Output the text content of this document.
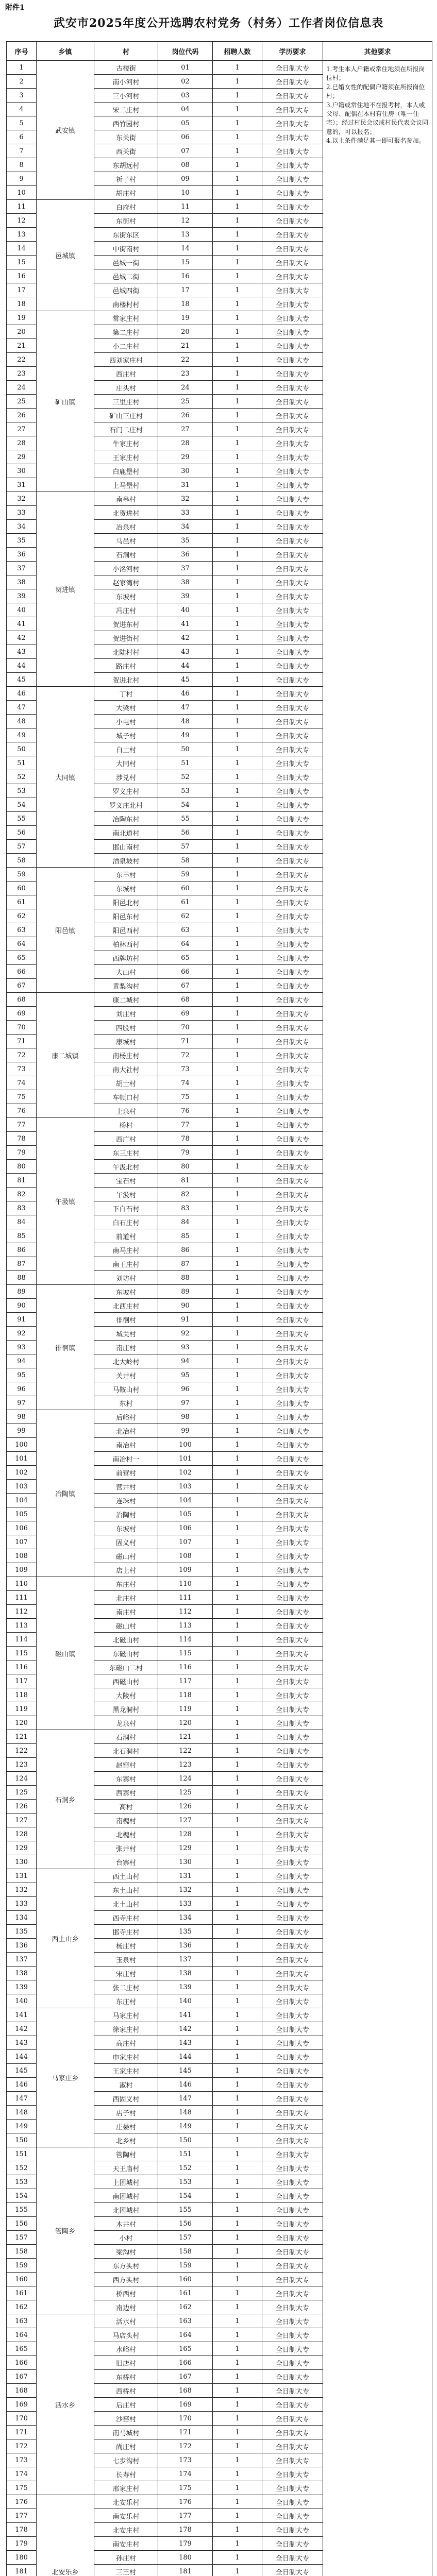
附件1
武安市2025年度公开选聘农村党务（村务）工作者岗位信息表
序号	乡镇	村	岗位代码	招聘人数	学历要求	其他要求
1	武安镇	古楼街	01	1	全日制大专	1.考生本人户籍或常住地须在所报岗位村；
2.已婚女性的配偶户籍须在所报岗位村；
3.户籍或常住地不在报考村，本人或父母、配偶在本村有住房（唯一住宅）；经过村民会议或村民代表会议同意的，可以报名；
4.以上条件满足其一即可报名参加。
2		南小河村	02	1	全日制大专	
3		三小河村	03	1	全日制大专	
4		宋二庄村	04	1	全日制大专	
5		西竹园村	05	1	全日制大专	
6		东关街	06	1	全日制大专	
7		西关街	07	1	全日制大专	
8		东胡远村	08	1	全日制大专	
9		祈子村	09	1	全日制大专	
10		胡庄村	10	1	全日制大专	
11	邑城镇	白府村	11	1	全日制大专	
12		东街村	12	1	全日制大专	
13		东街东区	13	1	全日制大专	
14		中街南村	14	1	全日制大专	
15		邑城一街	15	1	全日制大专	
16		邑城二街	16	1	全日制大专	
17		邑城四街	17	1	全日制大专	
18		南楼村村	18	1	全日制大专	
19	矿山镇	常家庄村	19	1	全日制大专	
20		第二庄村	20	1	全日制大专	
21		小二庄村	21	1	全日制大专	
22		西刘家庄村	22	1	全日制大专	
23		西庄村	23	1	全日制大专	
24		庄头村	24	1	全日制大专	
25		三里庄村	25	1	全日制大专	
26		矿山三庄村	26	1	全日制大专	
27		石门二庄村	27	1	全日制大专	
28		牛家庄村	28	1	全日制大专	
29		王家庄村	29	1	全日制大专	
30		白鹿堡村	30	1	全日制大专	
31		上马堡村	31	1	全日制大专	
32	贺进镇	南皋村	32	1	全日制大专	
33		北贺进村	33	1	全日制大专	
34		冶泉村	34	1	全日制大专	
35		马邑村	35	1	全日制大专	
36		石洞村	36	1	全日制大专	
37		小洺河村	37	1	全日制大专	
38		赵家湾村	38	1	全日制大专	
39		东坡村	39	1	全日制大专	
40		冯庄村	40	1	全日制大专	
41		贺进东村	41	1	全日制大专	
42		贺进街村	42	1	全日制大专	
43		北陆村村	43	1	全日制大专	
44		路庄村	44	1	全日制大专	
45		贺进北村	45	1	全日制大专	
46	大同镇	丁村	46	1	全日制大专	
47		大梁村	47	1	全日制大专	
48		小屯村	48	1	全日制大专	
49		城子村	49	1	全日制大专	
50		白土村	50	1	全日制大专	
51		大同村	51	1	全日制大专	
52		涉兑村	52	1	全日制大专	
53		罗义庄村	53	1	全日制大专	
54		罗义庄北村	54	1	全日制大专	
55		冶陶东村	55	1	全日制大专	
56		南北道村	56	1	全日制大专	
57		邯山南村	57	1	全日制大专	
58		酒泉坡村	58	1	全日制大专	
59	阳邑镇	东羊村	59	1	全日制大专	
60		东城村	60	1	全日制大专	
61		阳邑北村	61	1	全日制大专	
62		阳邑东村	62	1	全日制大专	
63		阳邑西村	63	1	全日制大专	
64		柏林西村	64	1	全日制大专	
65		西牌坊村	65	1	全日制大专	
66		大山村	66	1	全日制大专	
67		黄梨沟村	67	1	全日制大专	
68	康二城镇	康二城村	68	1	全日制大专	
69		刘庄村	69	1	全日制大专	
70		四股村	70	1	全日制大专	
71		康城村	71	1	全日制大专	
72		南杨庄村	72	1	全日制大专	
73		南大社村	73	1	全日制大专	
74		胡士村	74	1	全日制大专	
75		车顿口村	75	1	全日制大专	
76		上泉村	76	1	全日制大专	
77	午汲镇	杨村	77	1	全日制大专	
78		西广村	78	1	全日制大专	
79		东三庄村	79	1	全日制大专	
80		午汲北村	80	1	全日制大专	
81		宝石村	81	1	全日制大专	
82		午汲村	82	1	全日制大专	
83		下白石村	83	1	全日制大专	
84		白石庄村	84	1	全日制大专	
85		前道村	85	1	全日制大专	
86		南马庄村	86	1	全日制大专	
87		南王庄村	87	1	全日制大专	
88		刘坊村	88	1	全日制大专	
89	徘徊镇	东坡村	89	1	全日制大专	
90		北西庄村	90	1	全日制大专	
91		徘徊村	91	1	全日制大专	
92		城关村	92	1	全日制大专	
93		南庄村	93	1	全日制大专	
94		北大岭村	94	1	全日制大专	
95		关井村	95	1	全日制大专	
96		马鞍山村	96	1	全日制大专	
97		东村	97	1	全日制大专	
98	冶陶镇	后峪村	98	1	全日制大专	
99		北冶村	99	1	全日制大专	
100		南冶村	100	1	全日制大专	
101		南冶村一	101	1	全日制大专	
102		前营村	102	1	全日制大专	
103		营井村	103	1	全日制大专	
104		连珠村	104	1	全日制大专	
105		冶陶村	105	1	全日制大专	
106		东坡村	106	1	全日制大专	
107		固义村	107	1	全日制大专	
108		磁山村	108	1	全日制大专	
109		店上村	109	1	全日制大专	
110	磁山镇	东庄村	110	1	全日制大专	
111		北庄村	111	1	全日制大专	
112		南庄村	112	1	全日制大专	
113		磁山村	113	1	全日制大专	
114		北磁山村	114	1	全日制大专	
115		东磁山村	115	1	全日制大专	
116		东磁山二村	116	1	全日制大专	
117		西磁山村	117	1	全日制大专	
118		大陵村	118	1	全日制大专	
119		黑龙洞村	119	1	全日制大专	
120		龙泉村	120	1	全日制大专	
121	石洞乡	石洞村	121	1	全日制大专	
122		北石洞村	122	1	全日制大专	
123		赵窑村	123	1	全日制大专	
124		东寨村	124	1	全日制大专	
125		西寨村	125	1	全日制大专	
126		高村	126	1	全日制大专	
127		南槐村	127	1	全日制大专	
128		北槐村	128	1	全日制大专	
129		张井村	129	1	全日制大专	
130		台寨村	130	1	全日制大专	
131	西土山乡	西土山村	131	1	全日制大专	
132		东土山村	132	1	全日制大专	
133		北土山村	133	1	全日制大专	
134		西寺庄村	134	1	全日制大专	
135		邯寺庄村	135	1	全日制大专	
136		杨庄村	136	1	全日制大专	
137		玉泉村	137	1	全日制大专	
138		宋庄村	138	1	全日制大专	
139		张二庄村	139	1	全日制大专	
140		东庄村	140	1	全日制大专	
141	马家庄乡	马家庄村	141	1	全日制大专	
142		徐家庄村	142	1	全日制大专	
143		高庄村	143	1	全日制大专	
144		申家庄村	144	1	全日制大专	
145		王家庄村	145	1	全日制大专	
146		淑村	146	1	全日制大专	
147		西固义村	147	1	全日制大专	
148		店子村	148	1	全日制大专	
149		庄晏村	149	1	全日制大专	
150		北乡村	150	1	全日制大专	
151	管陶乡	管陶村	151	1	全日制大专	
152		天王庙村	152	1	全日制大专	
153		上团城村	153	1	全日制大专	
154		南团城村	154	1	全日制大专	
155		北团城村	155	1	全日制大专	
156		木井村	156	1	全日制大专	
157		小村	157	1	全日制大专	
158		梁沟村	158	1	全日制大专	
159		东方头村	159	1	全日制大专	
160		西方头村	160	1	全日制大专	
161		桥西村	161	1	全日制大专	
162		南边村	162	1	全日制大专	
163	活水乡	活水村	163	1	全日制大专	
164		马店头村	164	1	全日制大专	
165		水峪村	165	1	全日制大专	
166		旧店村	166	1	全日制大专	
167		东桥村	167	1	全日制大专	
168		西桥村	168	1	全日制大专	
169		后庄村	169	1	全日制大专	
170		沙窑村	170	1	全日制大专	
171		南马城村	171	1	全日制大专	
172		尚庄村	172	1	全日制大专	
173		七步沟村	173	1	全日制大专	
174		长寿村	174	1	全日制大专	
175		邢家庄村	175	1	全日制大专	
176	北安乐乡	北安乐村	176	1	全日制大专	
177		南安乐村	177	1	全日制大专	
178		北安庄村	178	1	全日制大专	
179		南安庄村	179	1	全日制大专	
180		孙庄村	180	1	全日制大专	
181		三王村	181	1	全日制大专	
